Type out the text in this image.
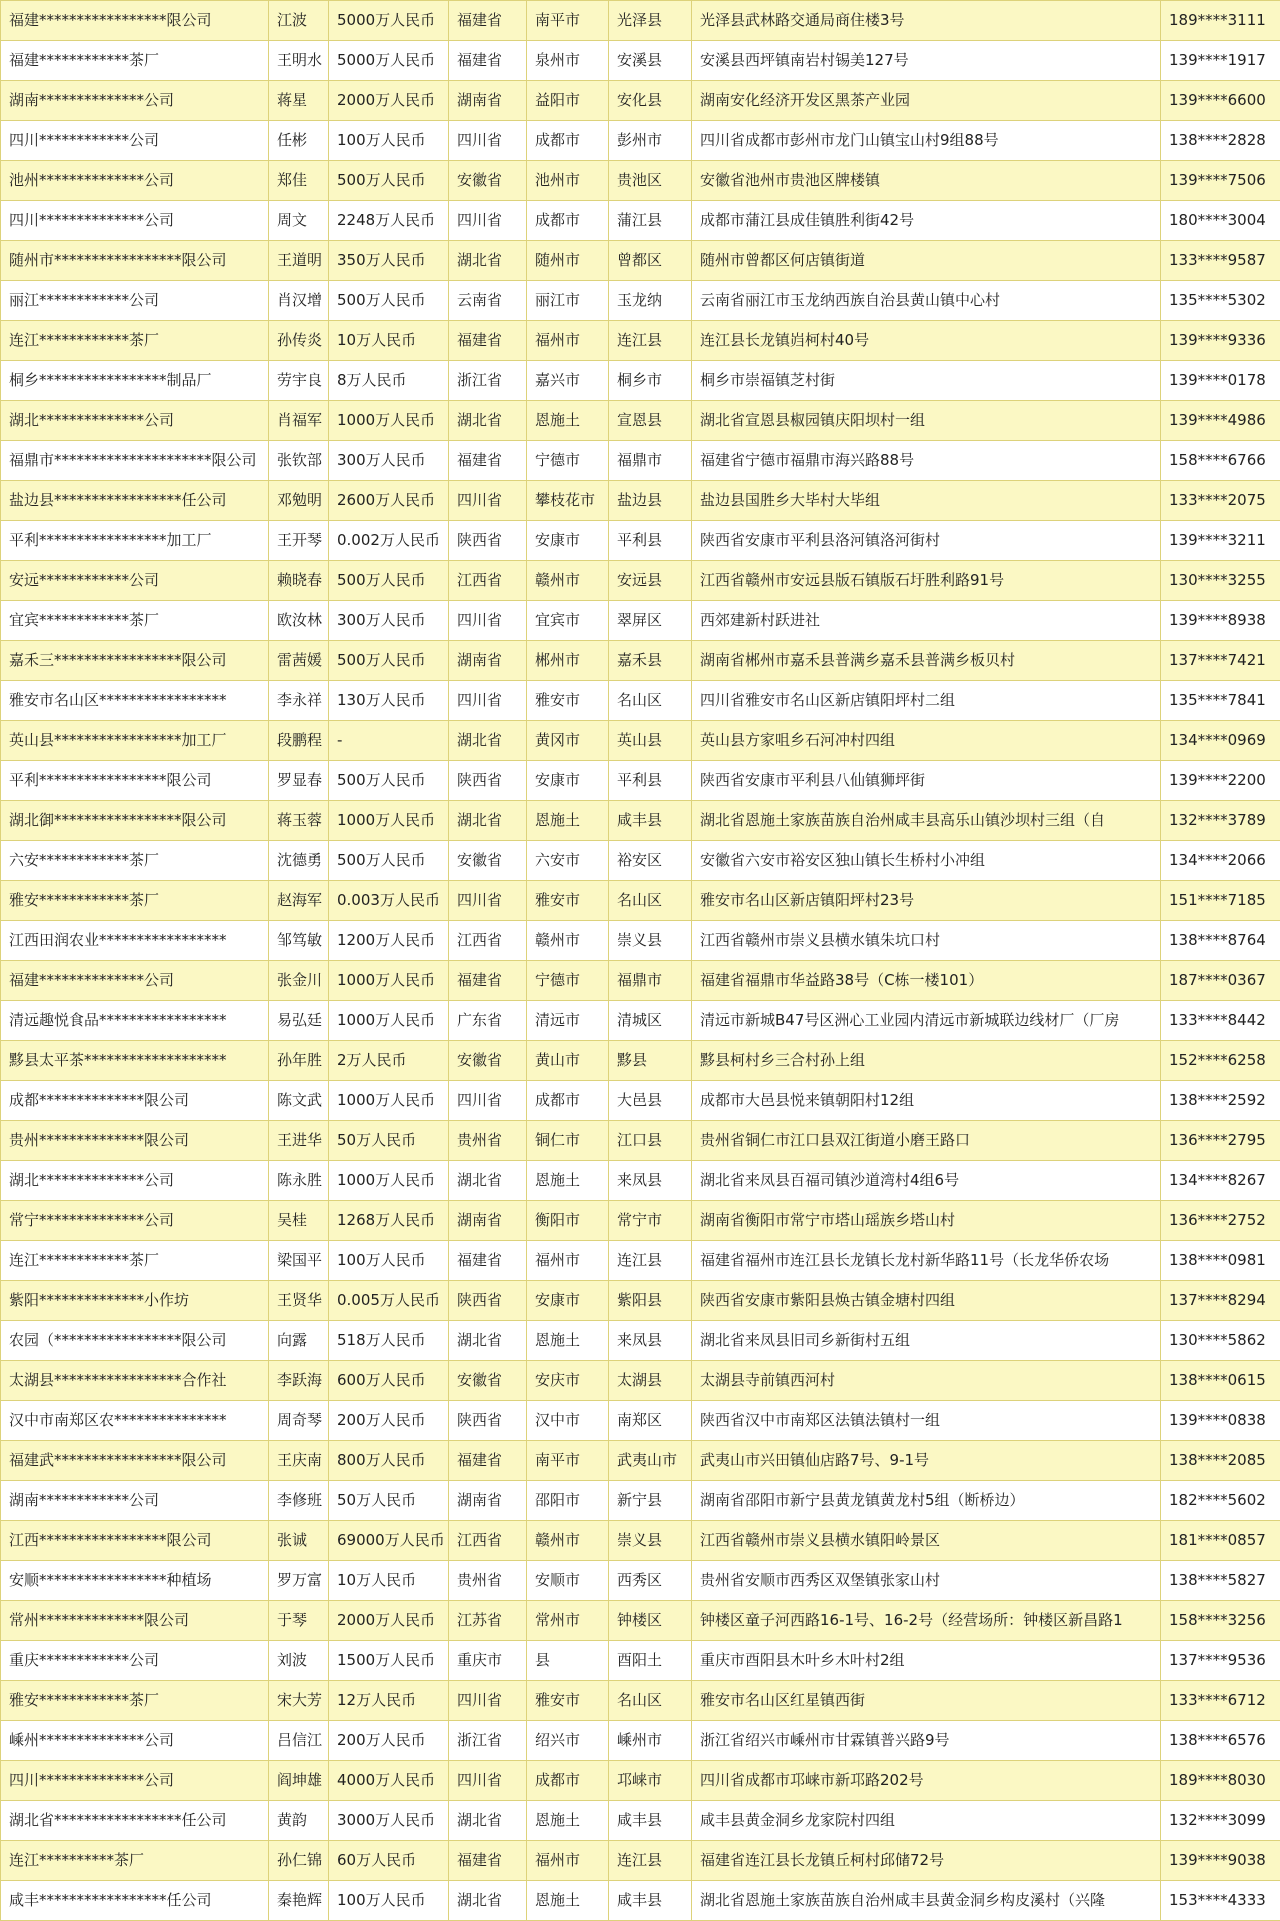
福建*****************限公司	江波	5000万人民币	福建省	南平市	光泽县	光泽县武林路交通局商住楼3号	189****3111
福建************茶厂	王明水	5000万人民币	福建省	泉州市	安溪县	安溪县西坪镇南岩村锡美127号	139****1917
湖南**************公司	蒋星	2000万人民币	湖南省	益阳市	安化县	湖南安化经济开发区黑茶产业园	139****6600
四川************公司	任彬	100万人民币	四川省	成都市	彭州市	四川省成都市彭州市龙门山镇宝山村9组88号	138****2828
池州**************公司	郑佳	500万人民币	安徽省	池州市	贵池区	安徽省池州市贵池区牌楼镇	139****7506
四川**************公司	周文	2248万人民币	四川省	成都市	蒲江县	成都市蒲江县成佳镇胜利街42号	180****3004
随州市*****************限公司	王道明	350万人民币	湖北省	随州市	曾都区	随州市曾都区何店镇街道	133****9587
丽江************公司	肖汉增	500万人民币	云南省	丽江市	玉龙纳	云南省丽江市玉龙纳西族自治县黄山镇中心村	135****5302
连江************茶厂	孙传炎	10万人民币	福建省	福州市	连江县	连江县长龙镇岿柯村40号	139****9336
桐乡*****************制品厂	劳宇良	8万人民币	浙江省	嘉兴市	桐乡市	桐乡市崇福镇芝村街	139****0178
湖北**************公司	肖福军	1000万人民币	湖北省	恩施土	宣恩县	湖北省宣恩县椒园镇庆阳坝村一组	139****4986
福鼎市*********************限公司	张钦部	300万人民币	福建省	宁德市	福鼎市	福建省宁德市福鼎市海兴路88号	158****6766
盐边县*****************任公司	邓勉明	2600万人民币	四川省	攀枝花市	盐边县	盐边县国胜乡大毕村大毕组	133****2075
平利*****************加工厂	王开琴	0.002万人民币	陕西省	安康市	平利县	陕西省安康市平利县洛河镇洛河街村	139****3211
安远************公司	赖晓春	500万人民币	江西省	赣州市	安远县	江西省赣州市安远县版石镇版石圩胜利路91号	130****3255
宜宾************茶厂	欧汝林	300万人民币	四川省	宜宾市	翠屏区	西郊建新村跃进社	139****8938
嘉禾三*****************限公司	雷茜媛	500万人民币	湖南省	郴州市	嘉禾县	湖南省郴州市嘉禾县普满乡嘉禾县普满乡板贝村	137****7421
雅安市名山区*****************	李永祥	130万人民币	四川省	雅安市	名山区	四川省雅安市名山区新店镇阳坪村二组	135****7841
英山县*****************加工厂	段鹏程	-	湖北省	黄冈市	英山县	英山县方家咀乡石河冲村四组	134****0969
平利*****************限公司	罗显春	500万人民币	陕西省	安康市	平利县	陕西省安康市平利县八仙镇狮坪街	139****2200
湖北御*****************限公司	蒋玉蓉	1000万人民币	湖北省	恩施土	咸丰县	湖北省恩施土家族苗族自治州咸丰县高乐山镇沙坝村三组（自	132****3789
六安************茶厂	沈德勇	500万人民币	安徽省	六安市	裕安区	安徽省六安市裕安区独山镇长生桥村小冲组	134****2066
雅安************茶厂	赵海军	0.003万人民币	四川省	雅安市	名山区	雅安市名山区新店镇阳坪村23号	151****7185
江西田润农业*****************	邹笃敏	1200万人民币	江西省	赣州市	崇义县	江西省赣州市崇义县横水镇朱坑口村	138****8764
福建**************公司	张金川	1000万人民币	福建省	宁德市	福鼎市	福建省福鼎市华益路38号（C栋一楼101）	187****0367
清远趣悦食品*****************	易弘廷	1000万人民币	广东省	清远市	清城区	清远市新城B47号区洲心工业园内清远市新城联边线材厂（厂房	133****8442
黟县太平茶*******************	孙年胜	2万人民币	安徽省	黄山市	黟县	黟县柯村乡三合村孙上组	152****6258
成都**************限公司	陈文武	1000万人民币	四川省	成都市	大邑县	成都市大邑县悦来镇朝阳村12组	138****2592
贵州**************限公司	王进华	50万人民币	贵州省	铜仁市	江口县	贵州省铜仁市江口县双江街道小磨王路口	136****2795
湖北**************公司	陈永胜	1000万人民币	湖北省	恩施土	来凤县	湖北省来凤县百福司镇沙道湾村4组6号	134****8267
常宁**************公司	吴桂	1268万人民币	湖南省	衡阳市	常宁市	湖南省衡阳市常宁市塔山瑶族乡塔山村	136****2752
连江************茶厂	梁国平	100万人民币	福建省	福州市	连江县	福建省福州市连江县长龙镇长龙村新华路11号（长龙华侨农场	138****0981
紫阳**************小作坊	王贤华	0.005万人民币	陕西省	安康市	紫阳县	陕西省安康市紫阳县焕古镇金塘村四组	137****8294
农园（*****************限公司	向露	518万人民币	湖北省	恩施土	来凤县	湖北省来凤县旧司乡新街村五组	130****5862
太湖县*****************合作社	李跃海	600万人民币	安徽省	安庆市	太湖县	太湖县寺前镇西河村	138****0615
汉中市南郑区农***************	周奇琴	200万人民币	陕西省	汉中市	南郑区	陕西省汉中市南郑区法镇法镇村一组	139****0838
福建武*****************限公司	王庆南	800万人民币	福建省	南平市	武夷山市	武夷山市兴田镇仙店路7号、9-1号	138****2085
湖南************公司	李修班	50万人民币	湖南省	邵阳市	新宁县	湖南省邵阳市新宁县黄龙镇黄龙村5组（断桥边）	182****5602
江西*****************限公司	张诚	69000万人民币	江西省	赣州市	崇义县	江西省赣州市崇义县横水镇阳岭景区	181****0857
安顺*****************种植场	罗万富	10万人民币	贵州省	安顺市	西秀区	贵州省安顺市西秀区双堡镇张家山村	138****5827
常州**************限公司	于琴	2000万人民币	江苏省	常州市	钟楼区	钟楼区童子河西路16-1号、16-2号（经营场所：钟楼区新昌路1	158****3256
重庆************公司	刘波	1500万人民币	重庆市	县	酉阳土	重庆市酉阳县木叶乡木叶村2组	137****9536
雅安************茶厂	宋大芳	12万人民币	四川省	雅安市	名山区	雅安市名山区红星镇西街	133****6712
嵊州**************公司	吕信江	200万人民币	浙江省	绍兴市	嵊州市	浙江省绍兴市嵊州市甘霖镇普兴路9号	138****6576
四川**************公司	阎坤雄	4000万人民币	四川省	成都市	邛崃市	四川省成都市邛崃市新邛路202号	189****8030
湖北省*****************任公司	黄韵	3000万人民币	湖北省	恩施土	咸丰县	咸丰县黄金洞乡龙家院村四组	132****3099
连江**********茶厂	孙仁锦	60万人民币	福建省	福州市	连江县	福建省连江县长龙镇丘柯村邱储72号	139****9038
咸丰*****************任公司	秦艳辉	100万人民币	湖北省	恩施土	咸丰县	湖北省恩施土家族苗族自治州咸丰县黄金洞乡构皮溪村（兴隆	153****4333
